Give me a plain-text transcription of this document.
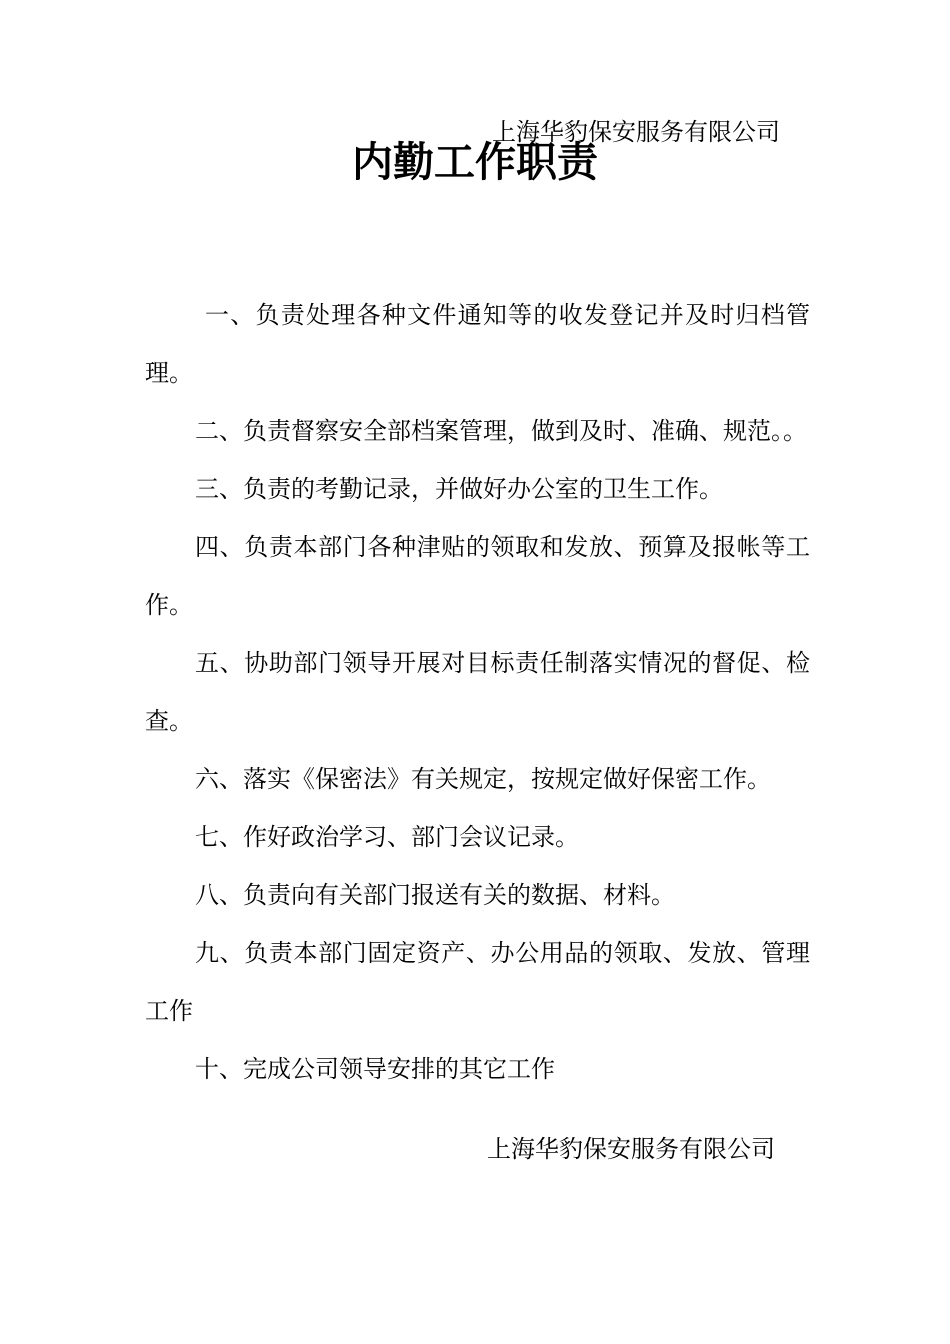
上海华豹保安服务有限公司
内勤工作职责
一、负责处理各种文件通知等的收发登记并及时归档管理。
二、负责督察安全部档案管理，做到及时、准确、规范。。
三、负责的考勤记录，并做好办公室的卫生工作。
四、负责本部门各种津贴的领取和发放、预算及报帐等工作。
五、协助部门领导开展对目标责任制落实情况的督促、检查。
六、落实《保密法》有关规定，按规定做好保密工作。
七、作好政治学习、部门会议记录。
八、负责向有关部门报送有关的数据、材料。
九、负责本部门固定资产、办公用品的领取、发放、管理工作
十、完成公司领导安排的其它工作
上海华豹保安服务有限公司
